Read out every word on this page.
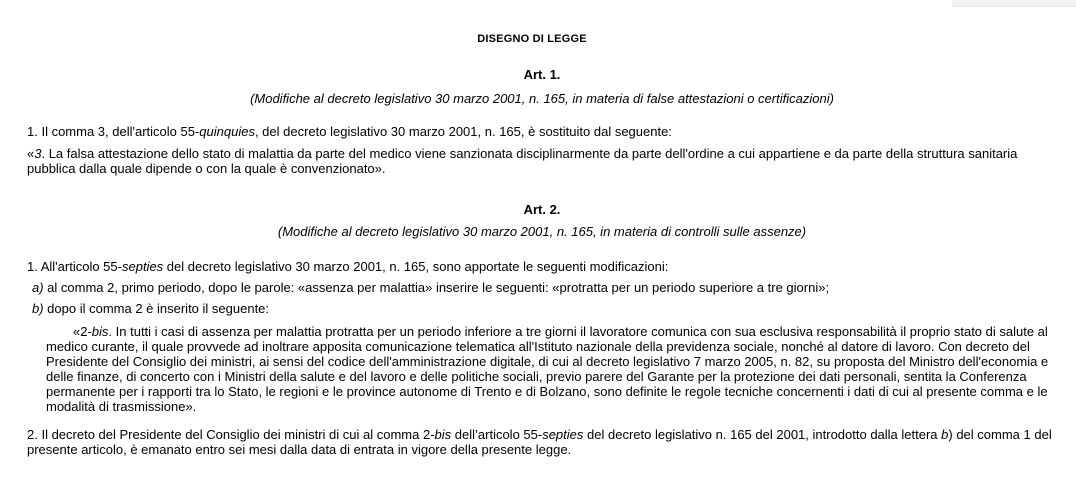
DISEGNO DI LEGGE
Art. 1.
(Modifiche al decreto legislativo 30 marzo 2001, n. 165, in materia di false attestazioni o certificazioni)
1. Il comma 3, dell'articolo 55-quinquies, del decreto legislativo 30 marzo 2001, n. 165, è sostituito dal seguente:
«3. La falsa attestazione dello stato di malattia da parte del medico viene sanzionata disciplinarmente da parte dell'ordine a cui appartiene e da parte della struttura sanitaria pubblica dalla quale dipende o con la quale è convenzionato».
Art. 2.
(Modifiche al decreto legislativo 30 marzo 2001, n. 165, in materia di controlli sulle assenze)
1. All'articolo 55-septies del decreto legislativo 30 marzo 2001, n. 165, sono apportate le seguenti modificazioni:
a) al comma 2, primo periodo, dopo le parole: «assenza per malattia» inserire le seguenti: «protratta per un periodo superiore a tre giorni»;
b) dopo il comma 2 è inserito il seguente:
«2-bis. In tutti i casi di assenza per malattia protratta per un periodo inferiore a tre giorni il lavoratore comunica con sua esclusiva responsabilità il proprio stato di salute al medico curante, il quale provvede ad inoltrare apposita comunicazione telematica all'Istituto nazionale della previdenza sociale, nonché al datore di lavoro. Con decreto del Presidente del Consiglio dei ministri, ai sensi del codice dell'amministrazione digitale, di cui al decreto legislativo 7 marzo 2005, n. 82, su proposta del Ministro dell'economia e delle finanze, di concerto con i Ministri della salute e del lavoro e delle politiche sociali, previo parere del Garante per la protezione dei dati personali, sentita la Conferenza permanente per i rapporti tra lo Stato, le regioni e le province autonome di Trento e di Bolzano, sono definite le regole tecniche concernenti i dati di cui al presente comma e le modalità di trasmissione».
2. Il decreto del Presidente del Consiglio dei ministri di cui al comma 2-bis dell’articolo 55-septies del decreto legislativo n. 165 del 2001, introdotto dalla lettera b) del comma 1 del presente articolo, è emanato entro sei mesi dalla data di entrata in vigore della presente legge.
